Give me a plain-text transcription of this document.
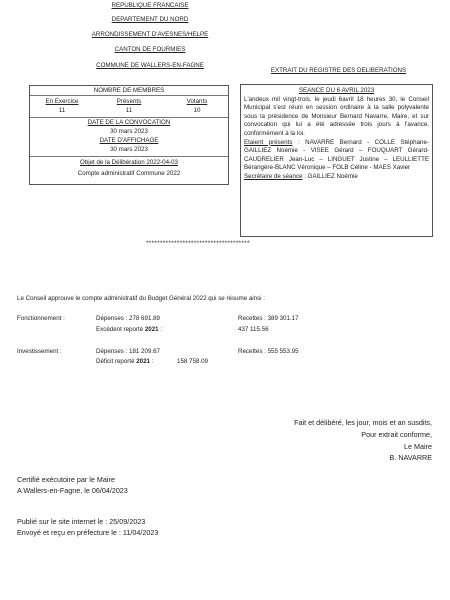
REPUBLIQUE FRANCAISE
DEPARTEMENT DU NORD
ARRONDISSEMENT D'AVESNES/HELPE
CANTON DE FOURMIES
COMMUNE DE WALLERS-EN-FAGNE
EXTRAIT DU REGISTRE DES DELIBERATIONS
NOMBRE DE MEMBRES
En Exercice	Présents	Votants
11	11	10
DATE DE LA CONVOCATION
30 mars 2023
DATE D'AFFICHAGE
30 mars 2023
Objet de la Délibération 2022-04-03
Compte administratif Commune 2022
SEANCE DU 6 AVRIL 2023

L'andeux mil vingt-trois, le jeudi 6avril 18 heures 30, le Conseil Municipal s'est réuni en session ordinaire à la salle polyvalente sous la présidence de Monsieur Bernard Navarre, Maire, et sur convocation qui lui a été adressée trois jours à l'avance, conformément à la loi.

Etaient présents : NAVARRE Bernard - COLLE Stéphane- GAILLIEZ Noémie - VISEE Gérard – FOUQUART Gérard- CAUDRELIER Jean-Luc – LINGUET Justine – LEULLIETTE Bérangère-BLANC Véronique – FOLB Céline - MAES Xavier

Secrétaire de séance : GAILLIEZ Noémie

*************************************
Le Conseil approuve le compte administratif du Budget Général 2022 qui se résume ainsi :
Fonctionnement :	Dépenses : 278 691.89	Recettes : 389 301.17
Excédent reporté 2021 :	437 115.56
Investissement :	Dépenses : 181 209.67	Recettes : 555 553.95
Déficit reporté 2021 :	158 758.09
Fait et délibéré, les jour, mois et an susdits,
Pour extrait conforme,
Le Maire
B. NAVARRE
Certifié exécutoire par le Maire
A Wallers-en-Fagne, le 06/04/2023
Publié sur le site internet le : 25/09/2023
Envoyé et reçu en préfecture le : 11/04/2023
